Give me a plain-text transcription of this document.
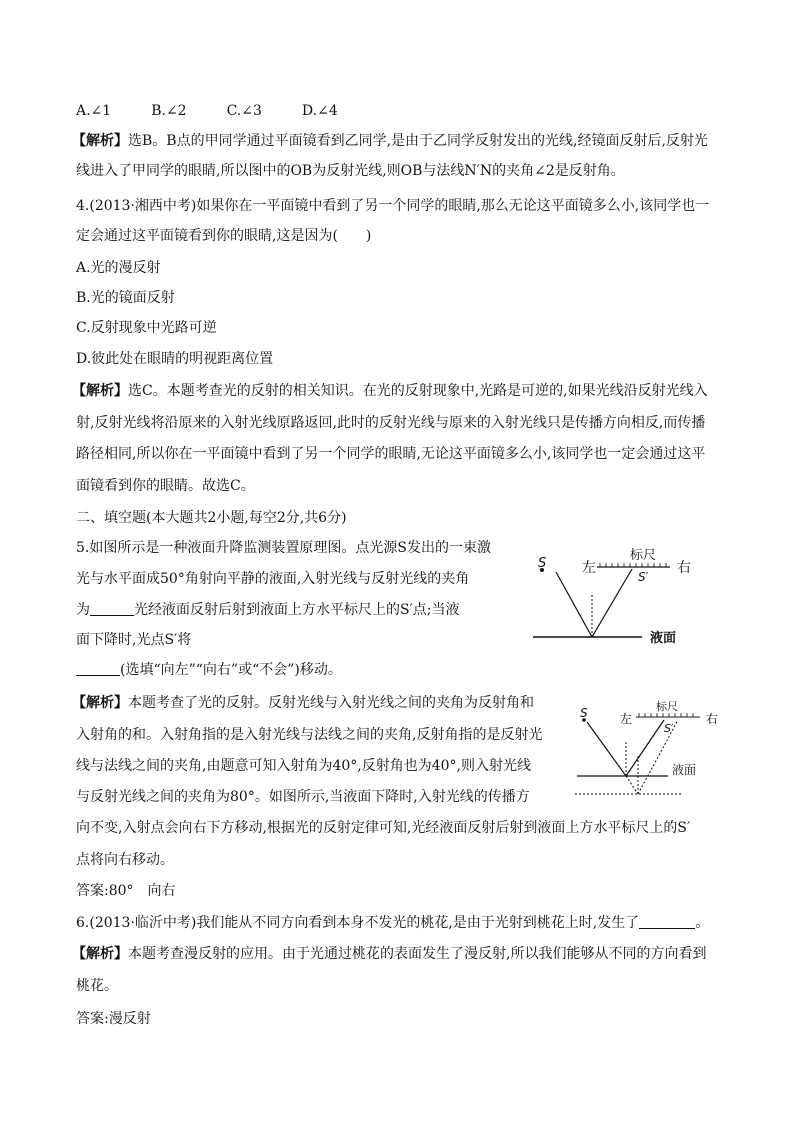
A.∠1	B.∠2	C.∠3	D.∠4
【解析】选B。B点的甲同学通过平面镜看到乙同学,是由于乙同学反射发出的光线,经镜面反射后,反射光
线进入了甲同学的眼睛,所以图中的OB为反射光线,则OB与法线N′N的夹角∠2是反射角。
4.(2013·湘西中考)如果你在一平面镜中看到了另一个同学的眼睛,那么无论这平面镜多么小,该同学也一
定会通过这平面镜看到你的眼睛,这是因为(　　)
A.光的漫反射
B.光的镜面反射
C.反射现象中光路可逆
D.彼此处在眼睛的明视距离位置
【解析】选C。本题考查光的反射的相关知识。在光的反射现象中,光路是可逆的,如果光线沿反射光线入
射,反射光线将沿原来的入射光线原路返回,此时的反射光线与原来的入射光线只是传播方向相反,而传播
路径相同,所以你在一平面镜中看到了另一个同学的眼睛,无论这平面镜多么小,该同学也一定会通过这平
面镜看到你的眼睛。故选C。
二、填空题(本大题共2小题,每空2分,共6分)
5.如图所示是一种液面升降监测装置原理图。点光源S发出的一束激
光与水平面成50°角射向平静的液面,入射光线与反射光线的夹角
为	光经液面反射后射到液面上方水平标尺上的S′点;当液
面下降时,光点S′将
(选填“向左”“向右”或“不会”)移动。
S	左
标尺
S′
右
液面
【解析】本题考查了光的反射。反射光线与入射光线之间的夹角为反射角和
入射角的和。入射角指的是入射光线与法线之间的夹角,反射角指的是反射光
线与法线之间的夹角,由题意可知入射角为40°,反射角也为40°,则入射光线
与反射光线之间的夹角为80°。如图所示,当液面下降时,入射光线的传播方
向不变,入射点会向右下方移动,根据光的反射定律可知,光经液面反射后射到液面上方水平标尺上的S′
点将向右移动。
S	左
标尺
S′
右
液面
答案:80°　向右
6.(2013·临沂中考)我们能从不同方向看到本身不发光的桃花,是由于光射到桃花上时,发生了	。
【解析】本题考查漫反射的应用。由于光通过桃花的表面发生了漫反射,所以我们能够从不同的方向看到
桃花。
答案:漫反射
